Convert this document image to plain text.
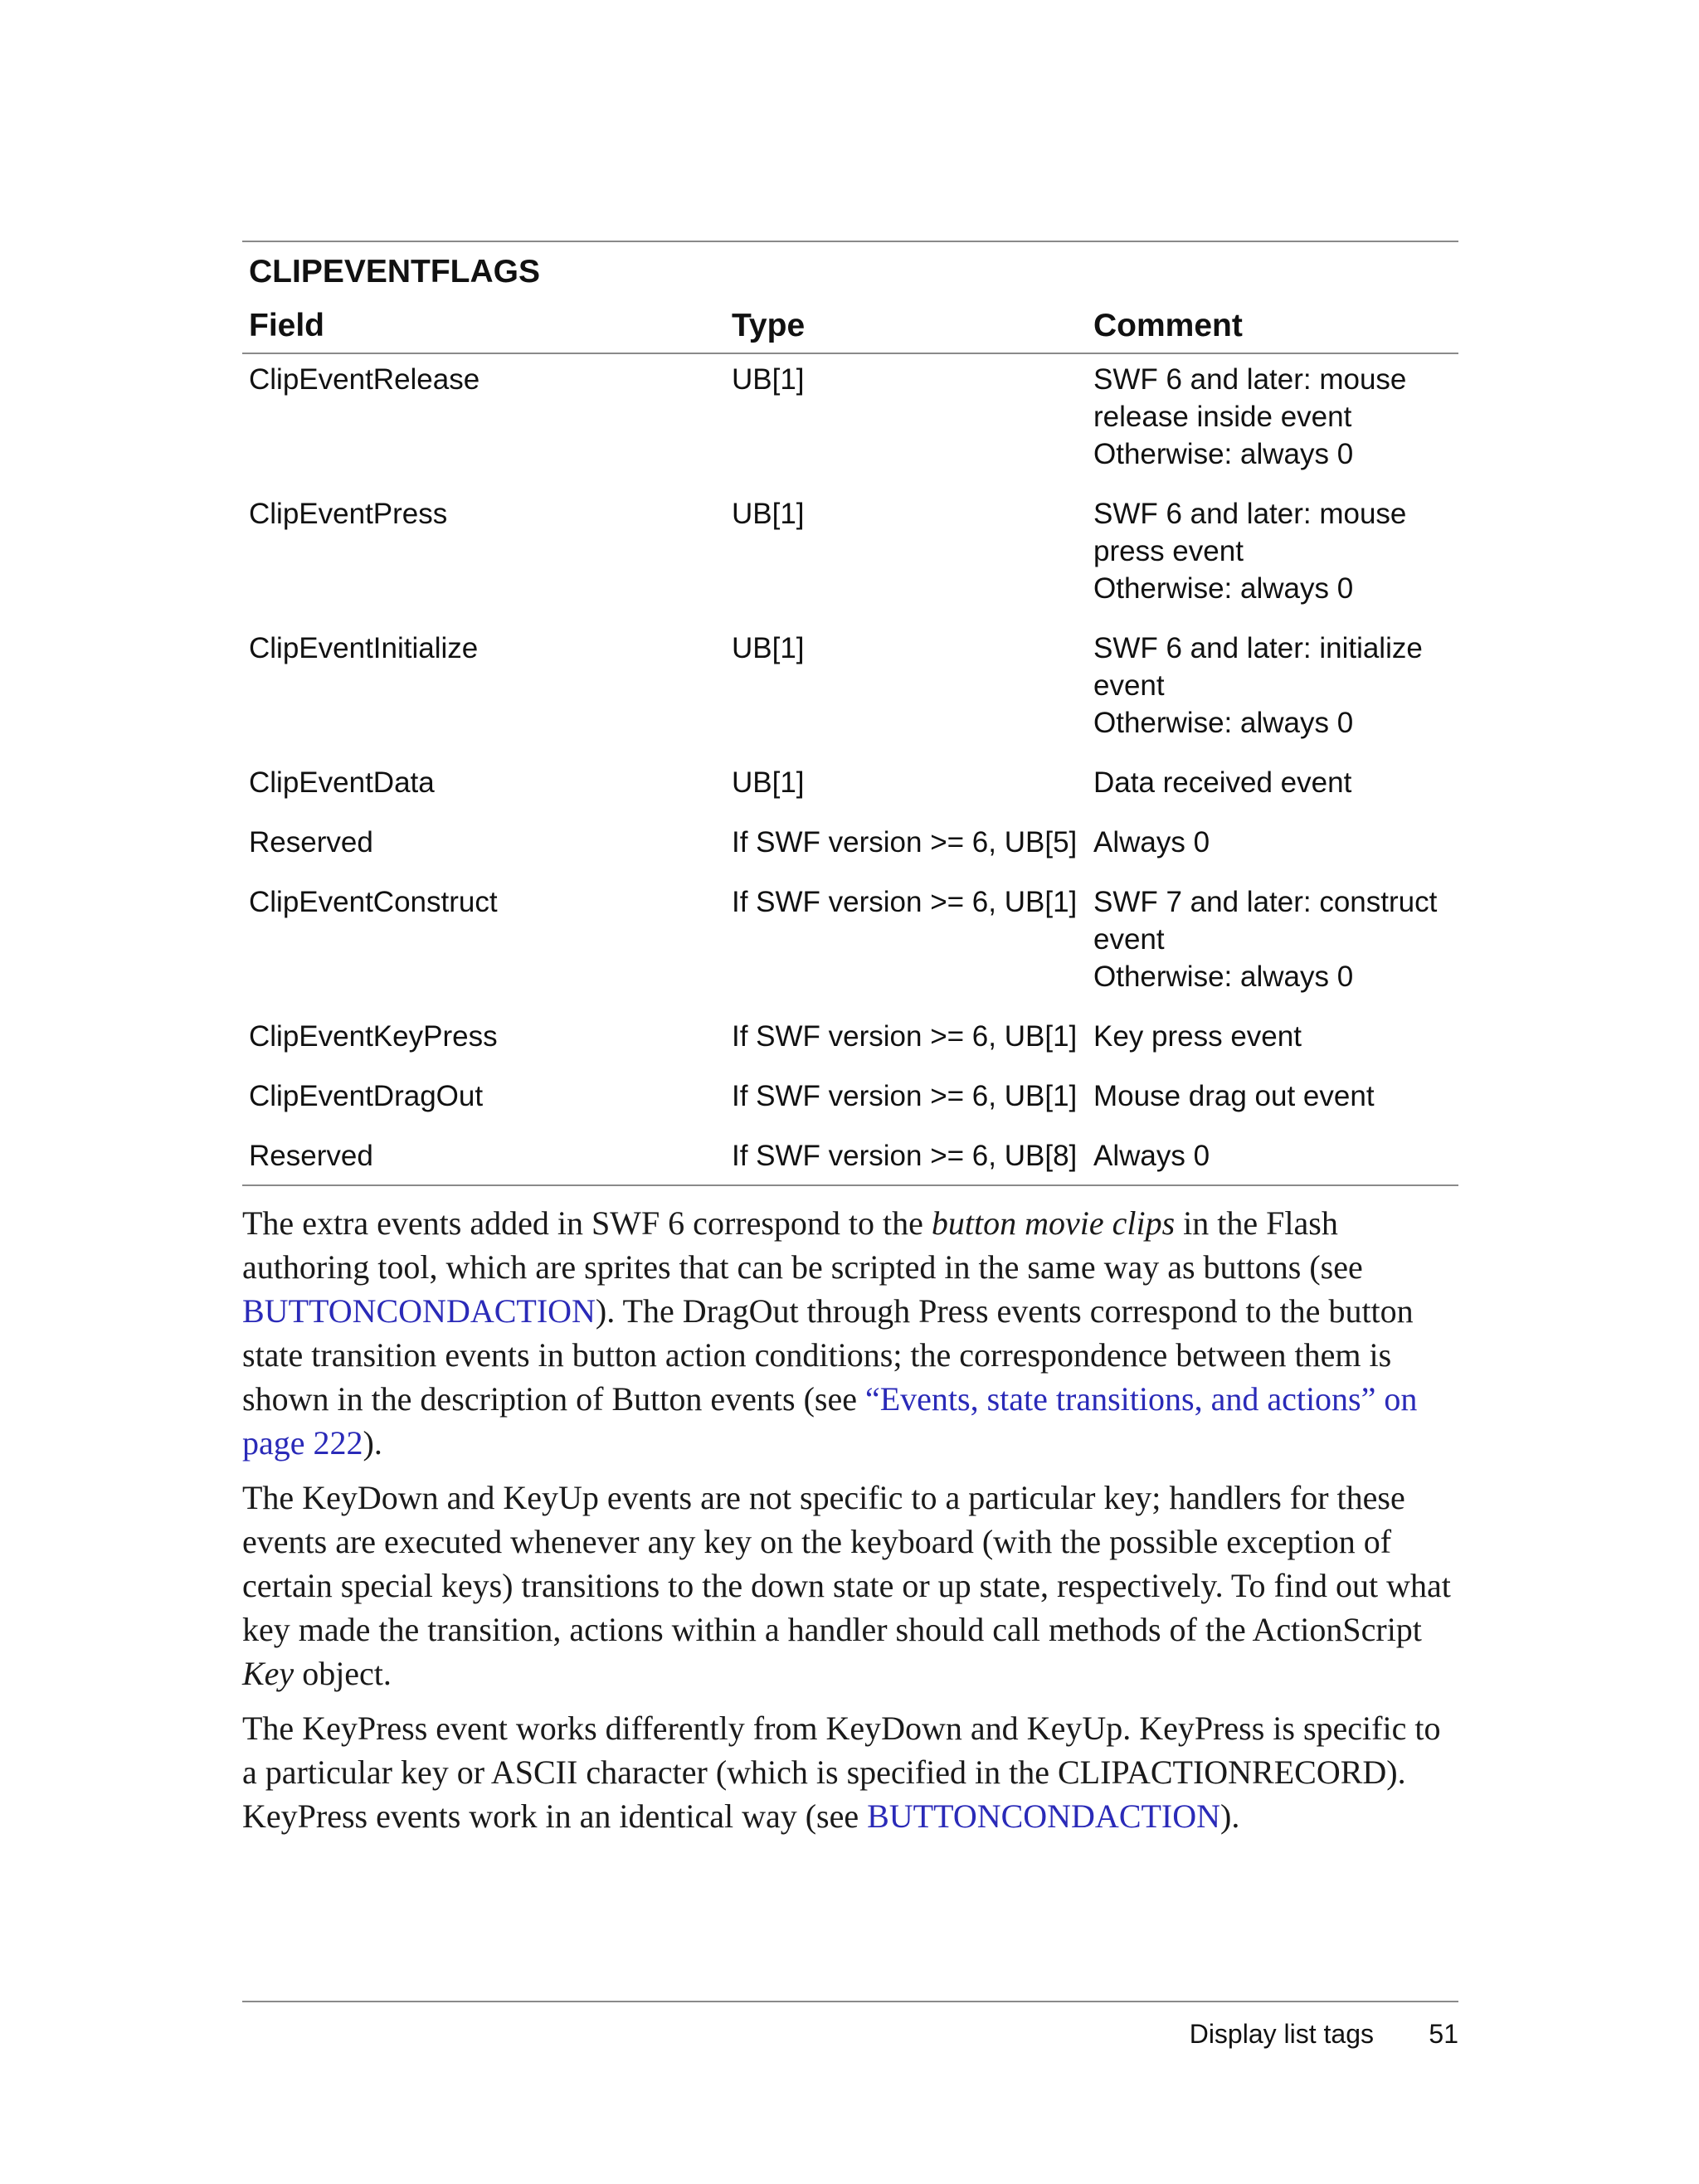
CLIPEVENTFLAGS
Field	Type	Comment
ClipEventRelease	UB[1]	SWF 6 and later: mouse
release inside event
Otherwise: always 0

ClipEventPress	UB[1]	SWF 6 and later: mouse
press event
Otherwise: always 0

ClipEventInitialize	UB[1]	SWF 6 and later: initialize
event
Otherwise: always 0

ClipEventData	UB[1]	Data received event

Reserved	If SWF version >= 6, UB[5]	Always 0

ClipEventConstruct	If SWF version >= 6, UB[1]	SWF 7 and later: construct
event
Otherwise: always 0

ClipEventKeyPress	If SWF version >= 6, UB[1]	Key press event

ClipEventDragOut	If SWF version >= 6, UB[1]	Mouse drag out event

Reserved	If SWF version >= 6, UB[8]	Always 0

The extra events added in SWF 6 correspond to the button movie clips in the Flash authoring tool, which are sprites that can be scripted in the same way as buttons (see BUTTONCONDACTION). The DragOut through Press events correspond to the button state transition events in button action conditions; the correspondence between them is shown in the description of Button events (see “Events, state transitions, and actions” on page 222).

The KeyDown and KeyUp events are not specific to a particular key; handlers for these events are executed whenever any key on the keyboard (with the possible exception of certain special keys) transitions to the down state or up state, respectively. To find out what key made the transition, actions within a handler should call methods of the ActionScript Key object.

The KeyPress event works differently from KeyDown and KeyUp. KeyPress is specific to a particular key or ASCII character (which is specified in the CLIPACTIONRECORD). KeyPress events work in an identical way (see BUTTONCONDACTION).

Display list tags 51
